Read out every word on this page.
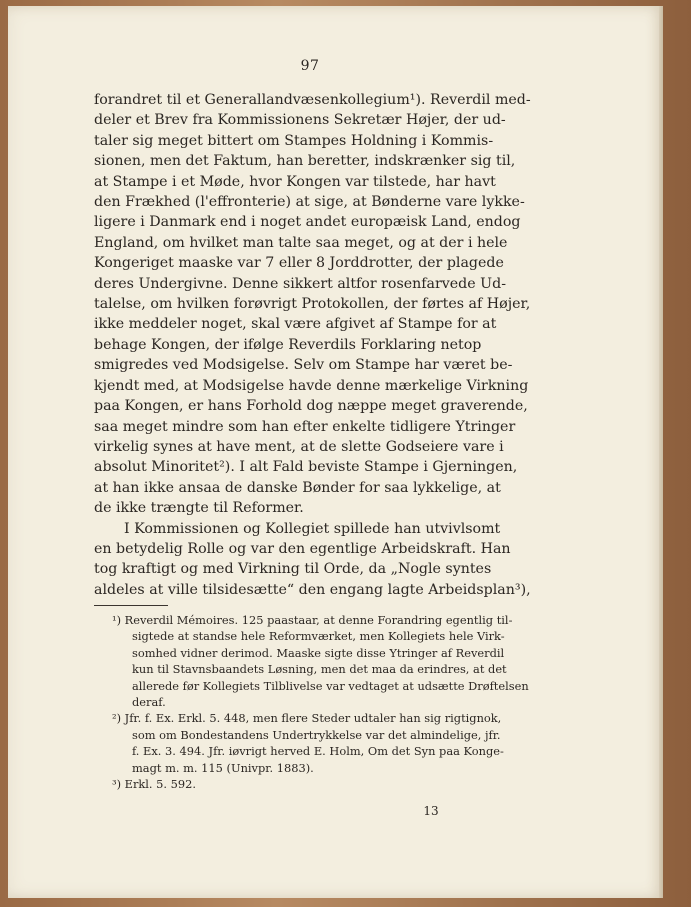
97
forandret til et Generallandvæsenkollegium¹). Reverdil med-
deler et Brev fra Kommissionens Sekretær Højer, der ud-
taler sig meget bittert om Stampes Holdning i Kommis-
sionen, men det Faktum, han beretter, indskrænker sig til,
at Stampe i et Møde, hvor Kongen var tilstede, har havt
den Frækhed (l'effronterie) at sige, at Bønderne vare lykke-
ligere i Danmark end i noget andet europæisk Land, endog
England, om hvilket man talte saa meget, og at der i hele
Kongeriget maaske var 7 eller 8 Jorddrotter, der plagede
deres Undergivne. Denne sikkert altfor rosenfarvede Ud-
talelse, om hvilken forøvrigt Protokollen, der førtes af Højer,
ikke meddeler noget, skal være afgivet af Stampe for at
behage Kongen, der ifølge Reverdils Forklaring netop
smigredes ved Modsigelse. Selv om Stampe har været be-
kjendt med, at Modsigelse havde denne mærkelige Virkning
paa Kongen, er hans Forhold dog næppe meget graverende,
saa meget mindre som han efter enkelte tidligere Ytringer
virkelig synes at have ment, at de slette Godseiere vare i
absolut Minoritet²). I alt Fald beviste Stampe i Gjerningen,
at han ikke ansaa de danske Bønder for saa lykkelige, at
de ikke trængte til Reformer.
I Kommissionen og Kollegiet spillede han utvivlsomt
en betydelig Rolle og var den egentlige Arbeidskraft. Han
tog kraftigt og med Virkning til Orde, da „Nogle syntes
aldeles at ville tilsidesætte“ den engang lagte Arbeidsplan³),
¹) Reverdil Mémoires. 125 paastaar, at denne Forandring egentlig til-
sigtede at standse hele Reformværket, men Kollegiets hele Virk-
somhed vidner derimod. Maaske sigte disse Ytringer af Reverdil
kun til Stavnsbaandets Løsning, men det maa da erindres, at det
allerede før Kollegiets Tilblivelse var vedtaget at udsætte Drøftelsen
deraf.
²) Jfr. f. Ex. Erkl. 5. 448, men flere Steder udtaler han sig rigtignok,
som om Bondestandens Undertrykkelse var det almindelige, jfr.
f. Ex. 3. 494. Jfr. iøvrigt herved E. Holm, Om det Syn paa Konge-
magt m. m. 115 (Univpr. 1883).
³) Erkl. 5. 592.
13
